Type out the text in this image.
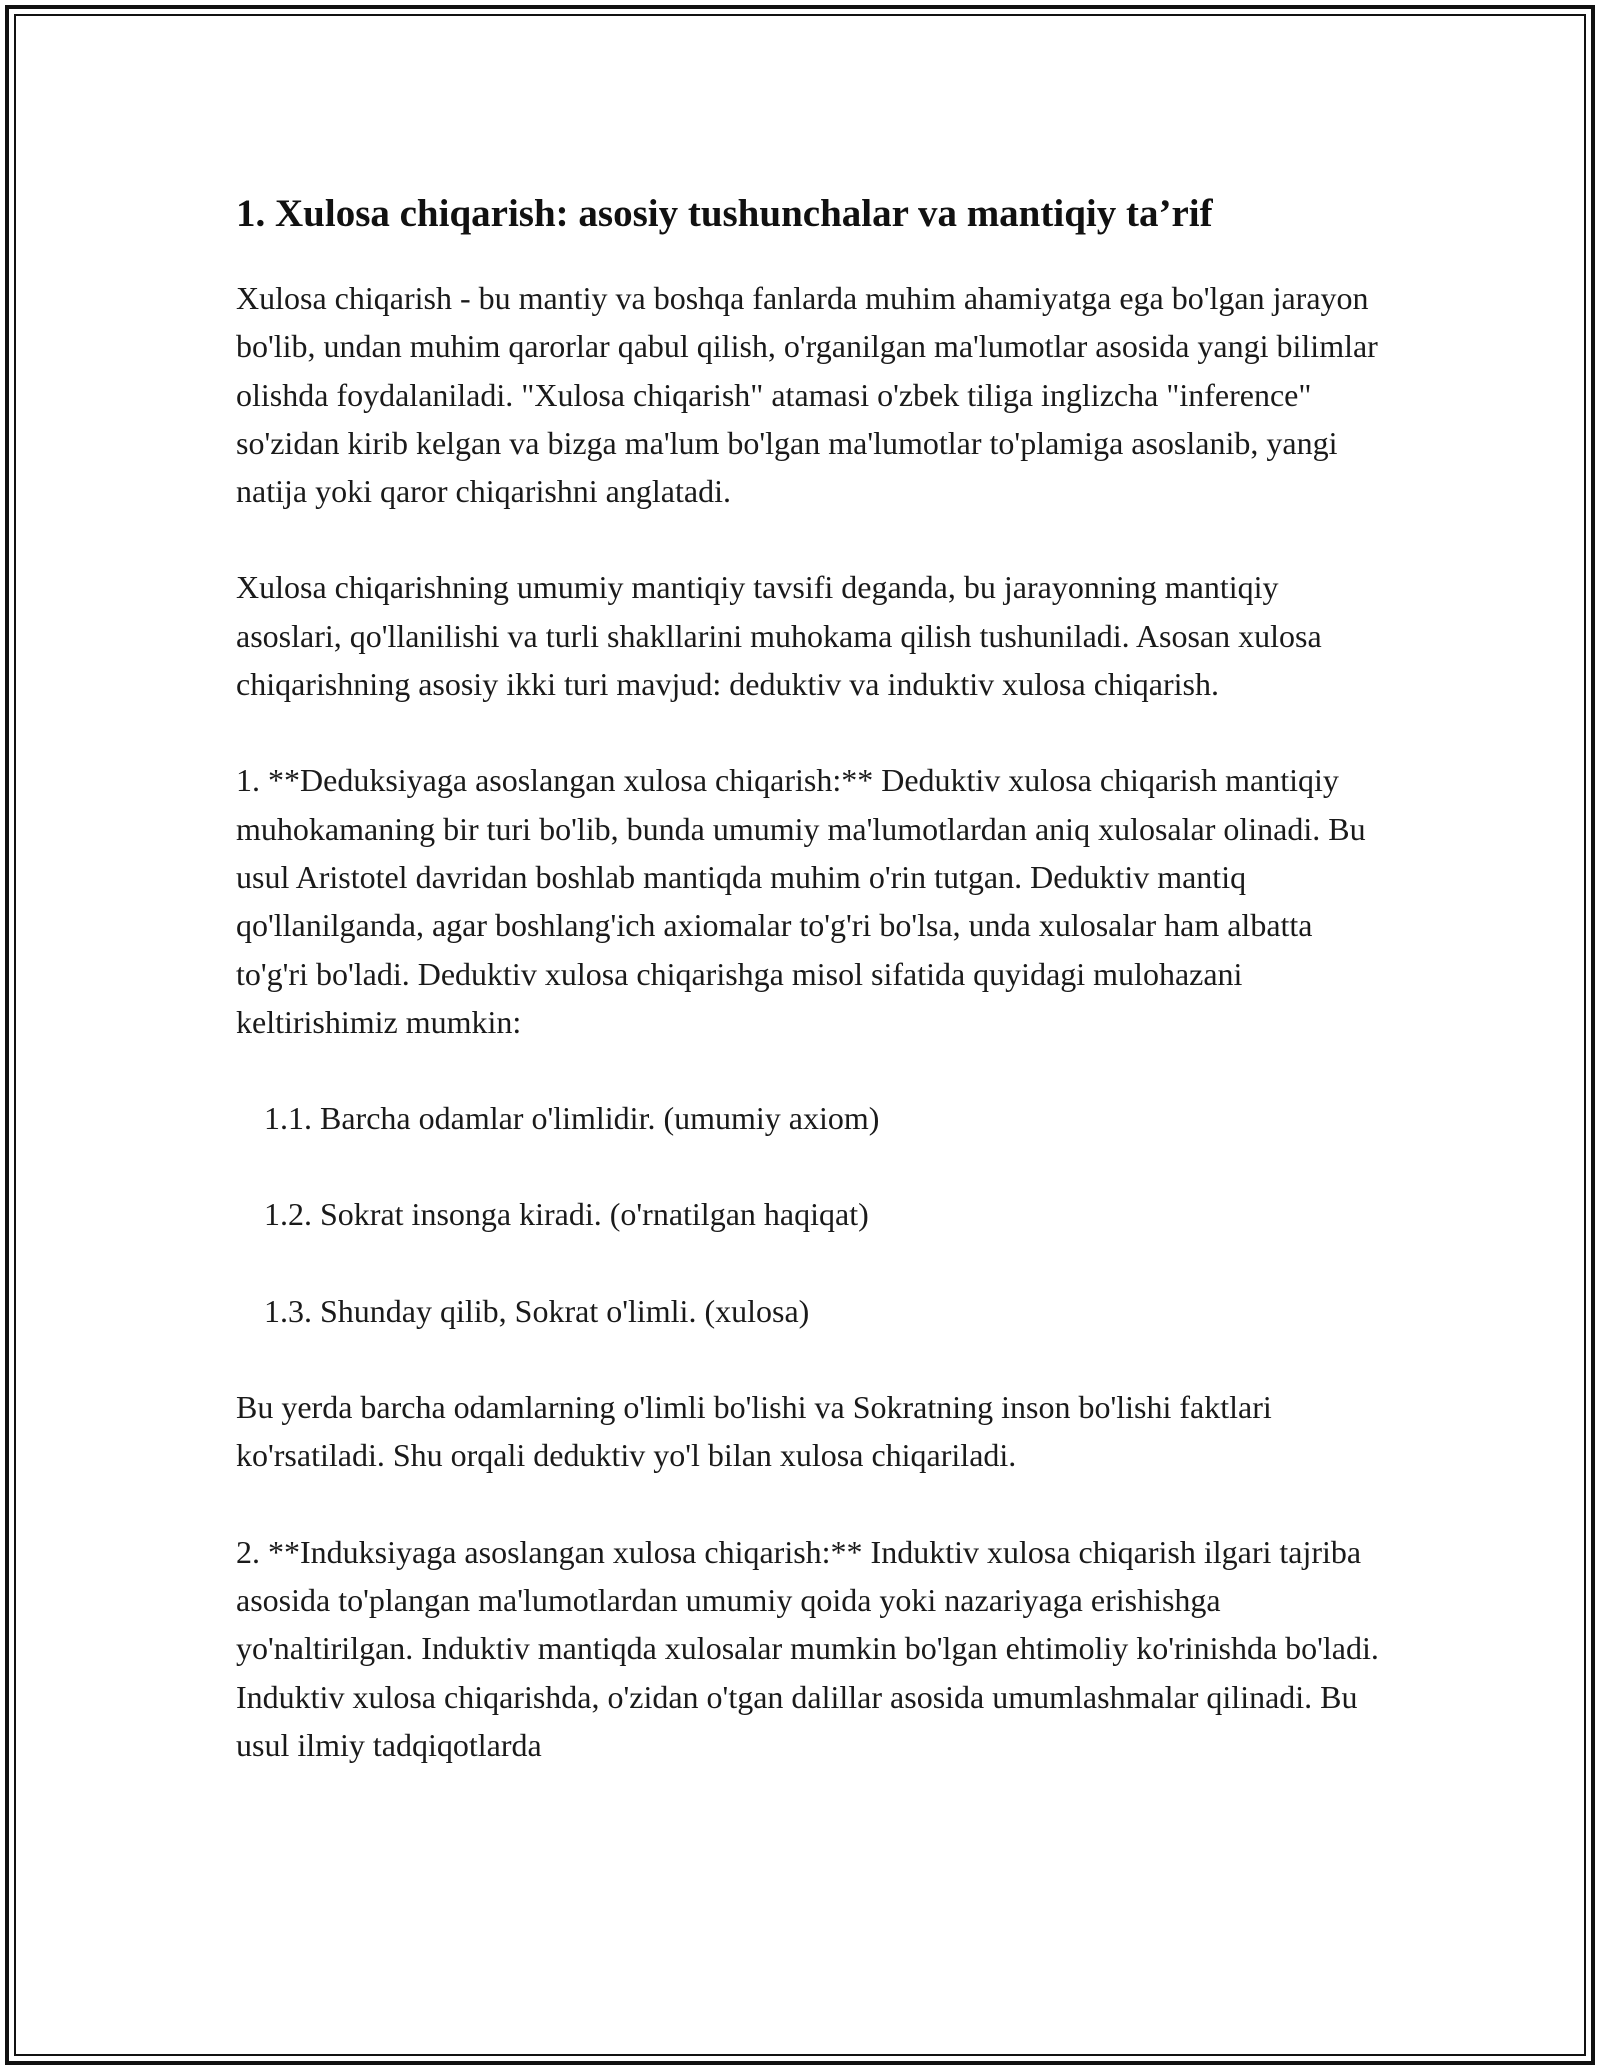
1. Xulosa chiqarish: asosiy tushunchalar va mantiqiy ta’rif

Xulosa chiqarish - bu mantiy va boshqa fanlarda muhim ahamiyatga ega bo'lgan jarayon bo'lib, undan muhim qarorlar qabul qilish, o'rganilgan ma'lumotlar asosida yangi bilimlar olishda foydalaniladi. "Xulosa chiqarish" atamasi o'zbek tiliga inglizcha "inference" so'zidan kirib kelgan va bizga ma'lum bo'lgan ma'lumotlar to'plamiga asoslanib, yangi natija yoki qaror chiqarishni anglatadi.

Xulosa chiqarishning umumiy mantiqiy tavsifi deganda, bu jarayonning mantiqiy asoslari, qo'llanilishi va turli shakllarini muhokama qilish tushuniladi. Asosan xulosa chiqarishning asosiy ikki turi mavjud: deduktiv va induktiv xulosa chiqarish.

1. **Deduksiyaga asoslangan xulosa chiqarish:** Deduktiv xulosa chiqarish mantiqiy muhokamaning bir turi bo'lib, bunda umumiy ma'lumotlardan aniq xulosalar olinadi. Bu usul Aristotel davridan boshlab mantiqda muhim o'rin tutgan. Deduktiv mantiq qo'llanilganda, agar boshlang'ich axiomalar to'g'ri bo'lsa, unda xulosalar ham albatta to'g'ri bo'ladi. Deduktiv xulosa chiqarishga misol sifatida quyidagi mulohazani keltirishimiz mumkin:

1.1. Barcha odamlar o'limlidir. (umumiy axiom)

1.2. Sokrat insonga kiradi. (o'rnatilgan haqiqat)

1.3. Shunday qilib, Sokrat o'limli. (xulosa)

Bu yerda barcha odamlarning o'limli bo'lishi va Sokratning inson bo'lishi faktlari ko'rsatiladi. Shu orqali deduktiv yo'l bilan xulosa chiqariladi.

2. **Induksiyaga asoslangan xulosa chiqarish:** Induktiv xulosa chiqarish ilgari tajriba asosida to'plangan ma'lumotlardan umumiy qoida yoki nazariyaga erishishga yo'naltirilgan. Induktiv mantiqda xulosalar mumkin bo'lgan ehtimoliy ko'rinishda bo'ladi. Induktiv xulosa chiqarishda, o'zidan o'tgan dalillar asosida umumlashmalar qilinadi. Bu usul ilmiy tadqiqotlarda
